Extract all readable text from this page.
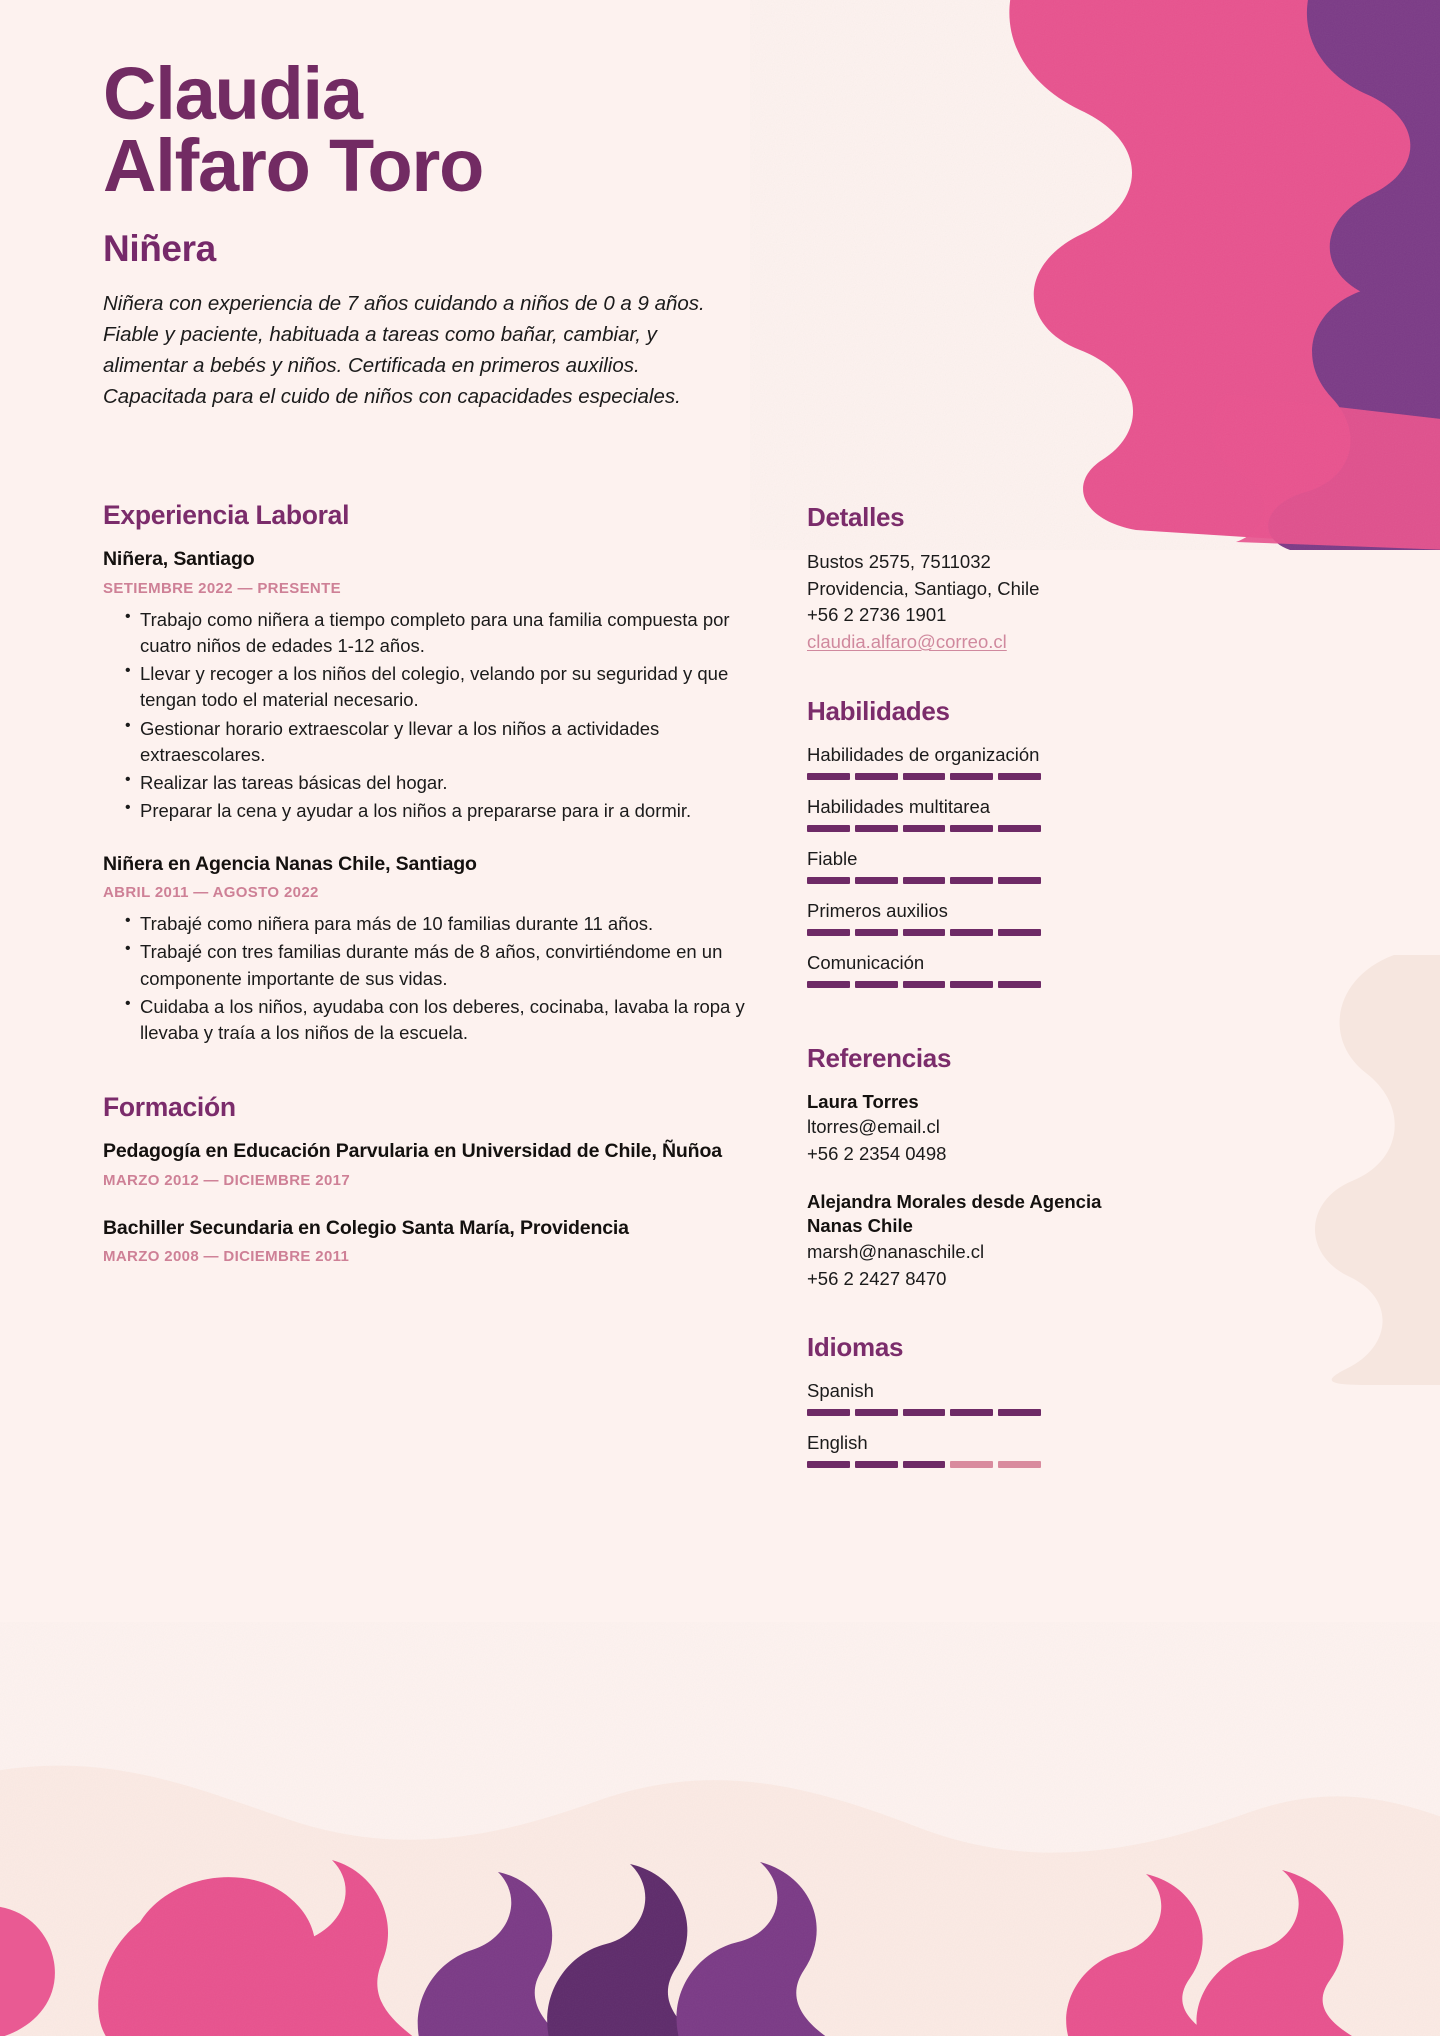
Claudia
Alfaro Toro
Niñera

Niñera con experiencia de 7 años cuidando a niños de 0 a 9 años. Fiable y paciente, habituada a tareas como bañar, cambiar, y alimentar a bebés y niños. Certificada en primeros auxilios. Capacitada para el cuido de niños con capacidades especiales.

Experiencia Laboral
Niñera, Santiago
SETIEMBRE 2022 — PRESENTE
• Trabajo como niñera a tiempo completo para una familia compuesta por cuatro niños de edades 1-12 años.
• Llevar y recoger a los niños del colegio, velando por su seguridad y que tengan todo el material necesario.
• Gestionar horario extraescolar y llevar a los niños a actividades extraescolares.
• Realizar las tareas básicas del hogar.
• Preparar la cena y ayudar a los niños a prepararse para ir a dormir.
Niñera en Agencia Nanas Chile, Santiago
ABRIL 2011 — AGOSTO 2022
• Trabajé como niñera para más de 10 familias durante 11 años.
• Trabajé con tres familias durante más de 8 años, convirtiéndome en un componente importante de sus vidas.
• Cuidaba a los niños, ayudaba con los deberes, cocinaba, lavaba la ropa y llevaba y traía a los niños de la escuela.
Formación
Pedagogía en Educación Parvularia en Universidad de Chile, Ñuñoa
MARZO 2012 — DICIEMBRE 2017
Bachiller Secundaria en Colegio Santa María, Providencia
MARZO 2008 — DICIEMBRE 2011
Detalles
Bustos 2575, 7511032
Providencia, Santiago, Chile
+56 2 2736 1901
claudia.alfaro@correo.cl
Habilidades
Habilidades de organización
Habilidades multitarea
Fiable
Primeros auxilios
Comunicación
Referencias
Laura Torres
ltorres@email.cl
+56 2 2354 0498
Alejandra Morales desde Agencia Nanas Chile
marsh@nanaschile.cl
+56 2 2427 8470
Idiomas
Spanish
English
